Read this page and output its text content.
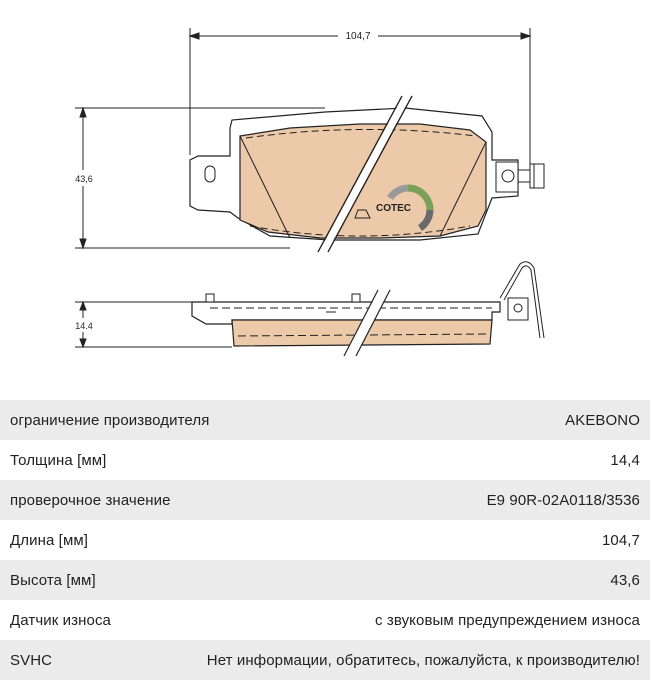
104,7
43,6
14.4
COTEC
ограничение производителя	AKEBONO
Толщина [мм]	14,4
проверочное значение	E9 90R-02A0118/3536
Длина [мм]	104,7
Высота [мм]	43,6
Датчик износа	с звуковым предупреждением износа
SVHC	Нет информации, обратитесь, пожалуйста, к производителю!
